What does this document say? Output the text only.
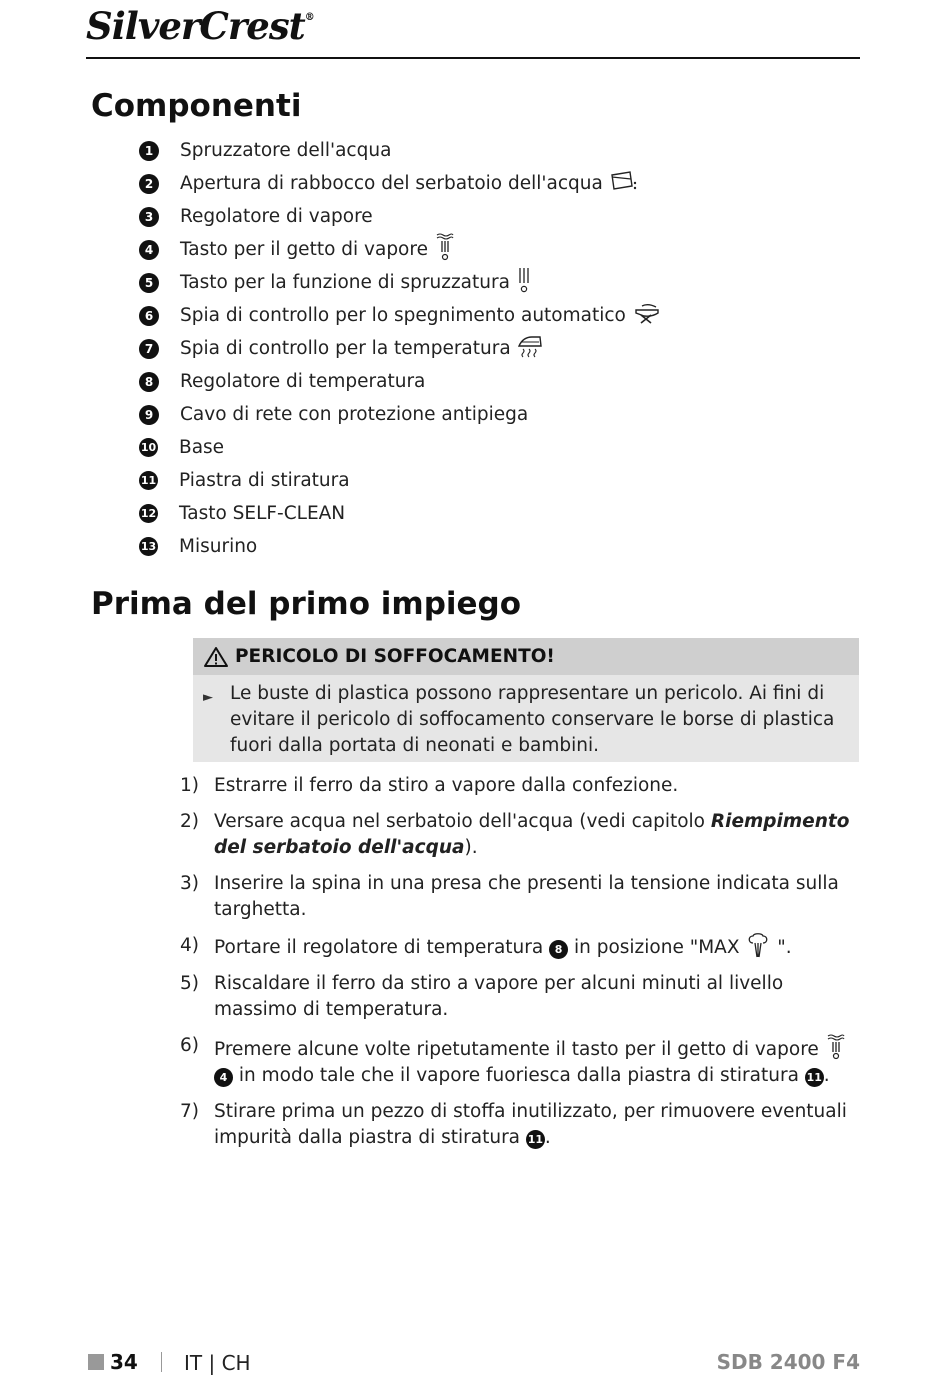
SilverCrest®
Componenti
1	Spruzzatore dell'acqua
2	Apertura di rabbocco del serbatoio dell'acqua
3	Regolatore di vapore
4	Tasto per il getto di vapore
5	Tasto per la funzione di spruzzatura
6	Spia di controllo per lo spegnimento automatico
7	Spia di controllo per la temperatura
8	Regolatore di temperatura
9	Cavo di rete con protezione antipiega
10 Base
11 Piastra di stiratura
12 Tasto SELF-CLEAN
13 Misurino
Prima del primo impiego
PERICOLO DI SOFFOCAMENTO!
► Le buste di plastica possono rappresentare un pericolo. Ai fini di evitare il pericolo di soffocamento conservare le borse di plastica fuori dalla portata di neonati e bambini.
1) Estrarre il ferro da stiro a vapore dalla confezione.
2) Versare acqua nel serbatoio dell'acqua (vedi capitolo Riempimento del serbatoio dell'acqua).
3) Inserire la spina in una presa che presenti la tensione indicata sulla targhetta.
4) Portare il regolatore di temperatura 8 in posizione "MAX  ".
5) Riscaldare il ferro da stiro a vapore per alcuni minuti al livello massimo di temperatura.
6) Premere alcune volte ripetutamente il tasto per il getto di vapore  4 in modo tale che il vapore fuoriesca dalla piastra di stiratura 11.
7) Stirare prima un pezzo di stoffa inutilizzato, per rimuovere eventuali impurità dalla piastra di stiratura 11.
34 IT | CH	SDB 2400 F4
